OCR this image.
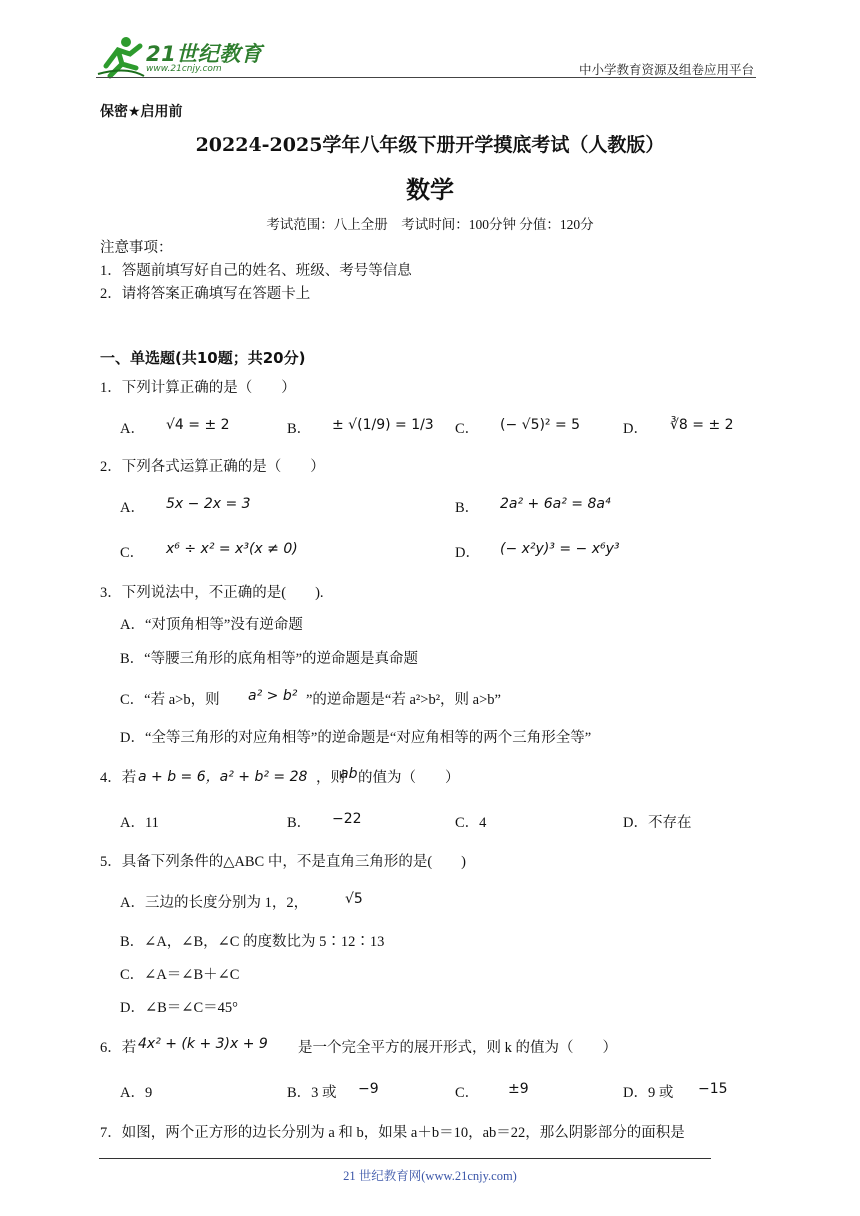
21世纪教育
www.21cnjy.com	中小学教育资源及组卷应用平台
保密★启用前
20224-2025学年八年级下册开学摸底考试（人教版）
数学
考试范围：八上全册　考试时间：100分钟 分值：120分
注意事项：
1．答题前填写好自己的姓名、班级、考号等信息
2．请将答案正确填写在答题卡上
一、单选题(共10题；共20分)
1．下列计算正确的是（　　）
A． √4 = ± 2	B． ± √(1/9) = 1/3 C． (− √5)² = 5	D． ∛8 = ± 2
2．下列各式运算正确的是（　　）
A． 5x − 2x = 3	B． 2a² + 6a² = 8a⁴
C． x⁶ ÷ x² = x³(x ≠ 0)	D． (− x²y)³ = − x⁶y³
3．下列说法中，不正确的是(　　).
A．“对顶角相等”没有逆命题
B．“等腰三角形的底角相等”的逆命题是真命题
C．“若 a>b，则 a² > b² ”的逆命题是“若 a²>b²，则 a>b”
D．“全等三角形的对应角相等”的逆命题是“对应角相等的两个三角形全等”
4．若 a + b = 6，a² + b² = 28 ，则
ab 的值为（　　）
A．11	B． −22	C．4	D．不存在
5．具备下列条件的△ABC 中，不是直角三角形的是(　　)
A．三边的长度分别为 1，2，	√5
B．∠A，∠B，∠C 的度数比为 5∶12∶13
C．∠A＝∠B＋∠C
D．∠B＝∠C＝45°
6．若 4x² + (k + 3)x + 9 是一个完全平方的展开形式，则 k 的值为（　　）
A．9	B．3 或 −9	C． ±9	D．9 或 −15
7．如图，两个正方形的边长分别为 a 和 b，如果 a＋b＝10，ab＝22，那么阴影部分的面积是
21 世纪教育网(www.21cnjy.com)
